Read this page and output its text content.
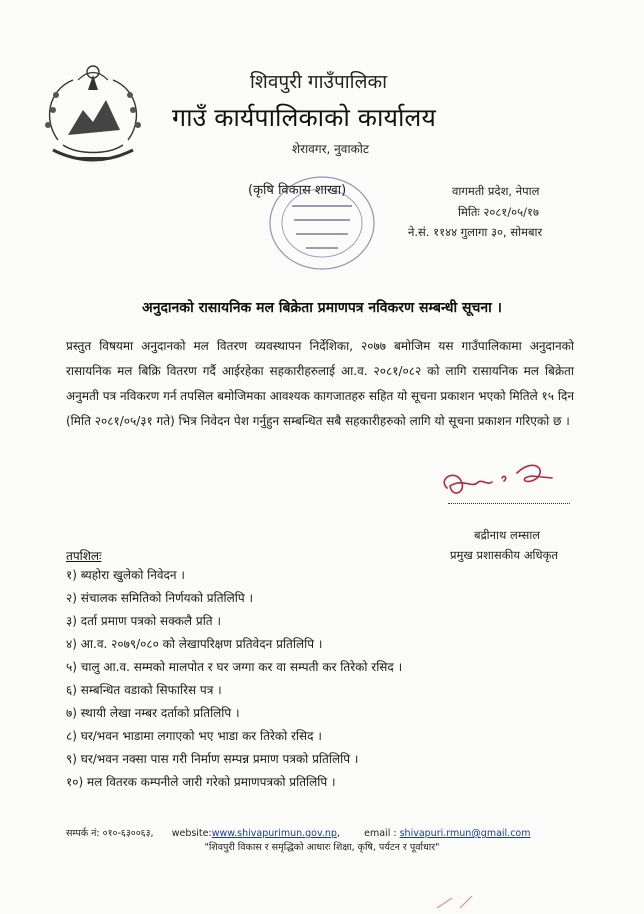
शिवपुरी गाउँपालिका
गाउँ कार्यपालिकाको कार्यालय
शेरावगर, नुवाकोट
(कृषि विकास शाखा)	वागमती प्रदेश, नेपाल
मितिः २०८१/०५/१७
ने.सं. ११४४ गुलागा ३०, सोमबार
अनुदानको रासायनिक मल बिक्रेता प्रमाणपत्र नविकरण सम्बन्धी सूचना ।
प्रस्तुत विषयमा अनुदानको मल वितरण व्यवस्थापन निर्देशिका, २०७७ बमोजिम यस गाउँपालिकामा अनुदानको रासायनिक मल बिक्रि वितरण गर्दै आईरहेका सहकारीहरुलाई आ.व. २०८१/०८२ को लागि रासायनिक मल बिक्रेता अनुमती पत्र नविकरण गर्न तपसिल बमोजिमका आवश्यक कागजातहरु सहित यो सूचना प्रकाशन भएको मितिले १५ दिन (मिति २०८१/०५/३१ गते) भित्र निवेदन पेश गर्नुहुन सम्बन्धित सबै सहकारीहरुको लागि यो सूचना प्रकाशन गरिएको छ ।
बद्रीनाथ लम्साल
प्रमुख प्रशासकीय अधिकृत
तपशिलः
१) ब्यहोरा खुलेको निवेदन ।
२) संचालक समितिको निर्णयको प्रतिलिपि ।
३) दर्ता प्रमाण पत्रको सक्कलै प्रति ।
४) आ.व. २०७९/०८० को लेखापरिक्षण प्रतिवेदन प्रतिलिपि ।
५) चालु आ.व. सम्मको मालपोत र घर जग्गा कर वा सम्पती कर तिरेको रसिद ।
६) सम्बन्धित वडाको सिफारिस पत्र ।
७) स्थायी लेखा नम्बर दर्ताको प्रतिलिपि ।
८) घर/भवन भाडामा लगाएको भए भाडा कर तिरेको रसिद ।
९) घर/भवन नक्सा पास गरी निर्माण सम्पन्न प्रमाण पत्रको प्रतिलिपि ।
१०) मल वितरक कम्पनीले जारी गरेको प्रमाणपत्रको प्रतिलिपि ।
सम्पर्क नं: ०१०-६३००६३, website:www.shivapurimun.gov.np,        email : shivapuri.rmun@gmail.com
"शिवपुरी विकास र समृद्धिको आधारः शिक्षा, कृषि, पर्यटन र पूर्वाधार"
